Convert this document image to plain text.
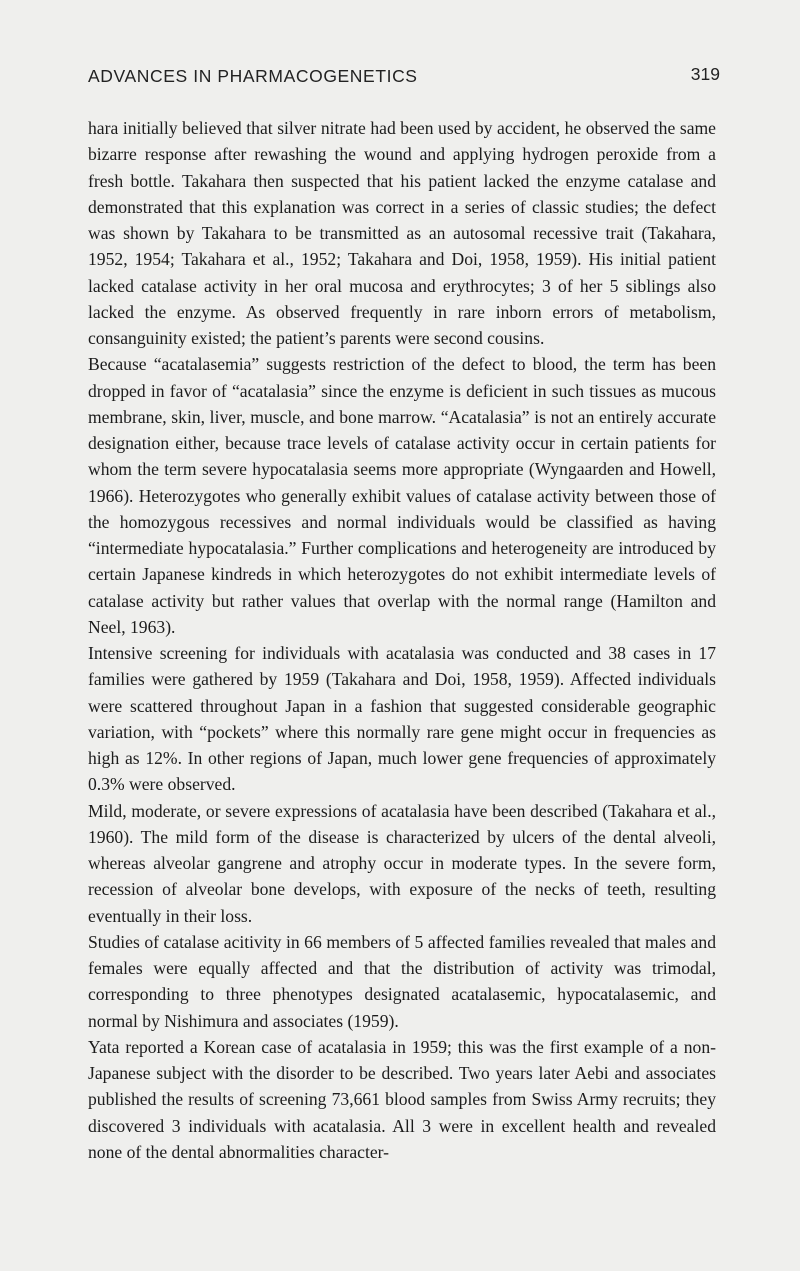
ADVANCES IN PHARMACOGENETICS	319

hara initially believed that silver nitrate had been used by accident, he observed the same bizarre response after rewashing the wound and applying hydrogen peroxide from a fresh bottle. Takahara then suspected that his patient lacked the enzyme catalase and demonstrated that this explanation was correct in a series of classic studies; the defect was shown by Takahara to be transmitted as an autosomal recessive trait (Takahara, 1952, 1954; Takahara et al., 1952; Takahara and Doi, 1958, 1959). His initial patient lacked catalase activity in her oral mucosa and erythrocytes; 3 of her 5 siblings also lacked the enzyme. As observed frequently in rare inborn errors of metabolism, consanguinity existed; the patient’s parents were second cousins.

Because “acatalasemia” suggests restriction of the defect to blood, the term has been dropped in favor of “acatalasia” since the enzyme is deficient in such tissues as mucous membrane, skin, liver, muscle, and bone marrow. “Acatalasia” is not an entirely accurate designation either, because trace levels of catalase activity occur in certain patients for whom the term severe hypocatalasia seems more appropriate (Wyngaarden and Howell, 1966). Heterozygotes who generally exhibit values of catalase activity between those of the homozygous recessives and normal individuals would be classified as having “intermediate hypocatalasia.” Further complications and heterogeneity are introduced by certain Japanese kindreds in which heterozygotes do not exhibit intermediate levels of catalase activity but rather values that overlap with the normal range (Hamilton and Neel, 1963).

Intensive screening for individuals with acatalasia was conducted and 38 cases in 17 families were gathered by 1959 (Takahara and Doi, 1958, 1959). Affected individuals were scattered throughout Japan in a fashion that suggested considerable geographic variation, with “pockets” where this normally rare gene might occur in frequencies as high as 12%. In other regions of Japan, much lower gene frequencies of approximately 0.3% were observed.

Mild, moderate, or severe expressions of acatalasia have been described (Takahara et al., 1960). The mild form of the disease is characterized by ulcers of the dental alveoli, whereas alveolar gangrene and atrophy occur in moderate types. In the severe form, recession of alveolar bone develops, with exposure of the necks of teeth, resulting eventually in their loss.

Studies of catalase acitivity in 66 members of 5 affected families revealed that males and females were equally affected and that the distribution of activity was trimodal, corresponding to three phenotypes designated acatalasemic, hypocatalasemic, and normal by Nishimura and associates (1959).

Yata reported a Korean case of acatalasia in 1959; this was the first example of a non-Japanese subject with the disorder to be described. Two years later Aebi and associates published the results of screening 73,661 blood samples from Swiss Army recruits; they discovered 3 individuals with acatalasia. All 3 were in excellent health and revealed none of the dental abnormalities character-
